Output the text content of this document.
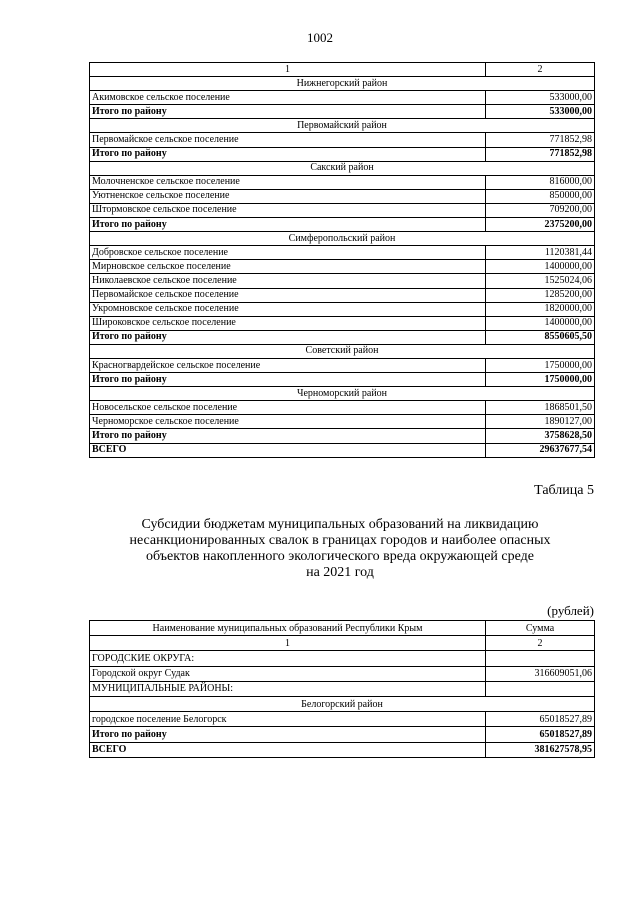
1002
1	2
Нижнегорский район	
Акимовское сельское поселение	533000,00
Итого по району	533000,00
Первомайский район	
Первомайское сельское поселение	771852,98
Итого по району	771852,98
Сакский район	
Молочненское сельское поселение	816000,00
Уютненское сельское поселение	850000,00
Штормовское сельское поселение	709200,00
Итого по району	2375200,00
Симферопольский район	
Добровское сельское поселение	1120381,44
Мирновское сельское поселение	1400000,00
Николаевское сельское поселение	1525024,06
Первомайское сельское поселение	1285200,00
Укромновское сельское поселение	1820000,00
Широковское сельское поселение	1400000,00
Итого по району	8550605,50
Советский район	
Красногвардейское сельское поселение	1750000,00
Итого по району	1750000,00
Черноморский район	
Новосельское сельское поселение	1868501,50
Черноморское сельское поселение	1890127,00
Итого по району	3758628,50
ВСЕГО	29637677,54
Таблица 5
Субсидии бюджетам муниципальных образований на ликвидацию
несанкционированных свалок в границах городов и наиболее опасных
объектов накопленного экологического вреда окружающей среде
на 2021 год
(рублей)
Наименование муниципальных образований Республики Крым	Сумма
1	2
ГОРОДСКИЕ ОКРУГА:	
Городской округ Судак	316609051,06
МУНИЦИПАЛЬНЫЕ РАЙОНЫ:	
Белогорский район	
городское поселение Белогорск	65018527,89
Итого по району	65018527,89
ВСЕГО	381627578,95
